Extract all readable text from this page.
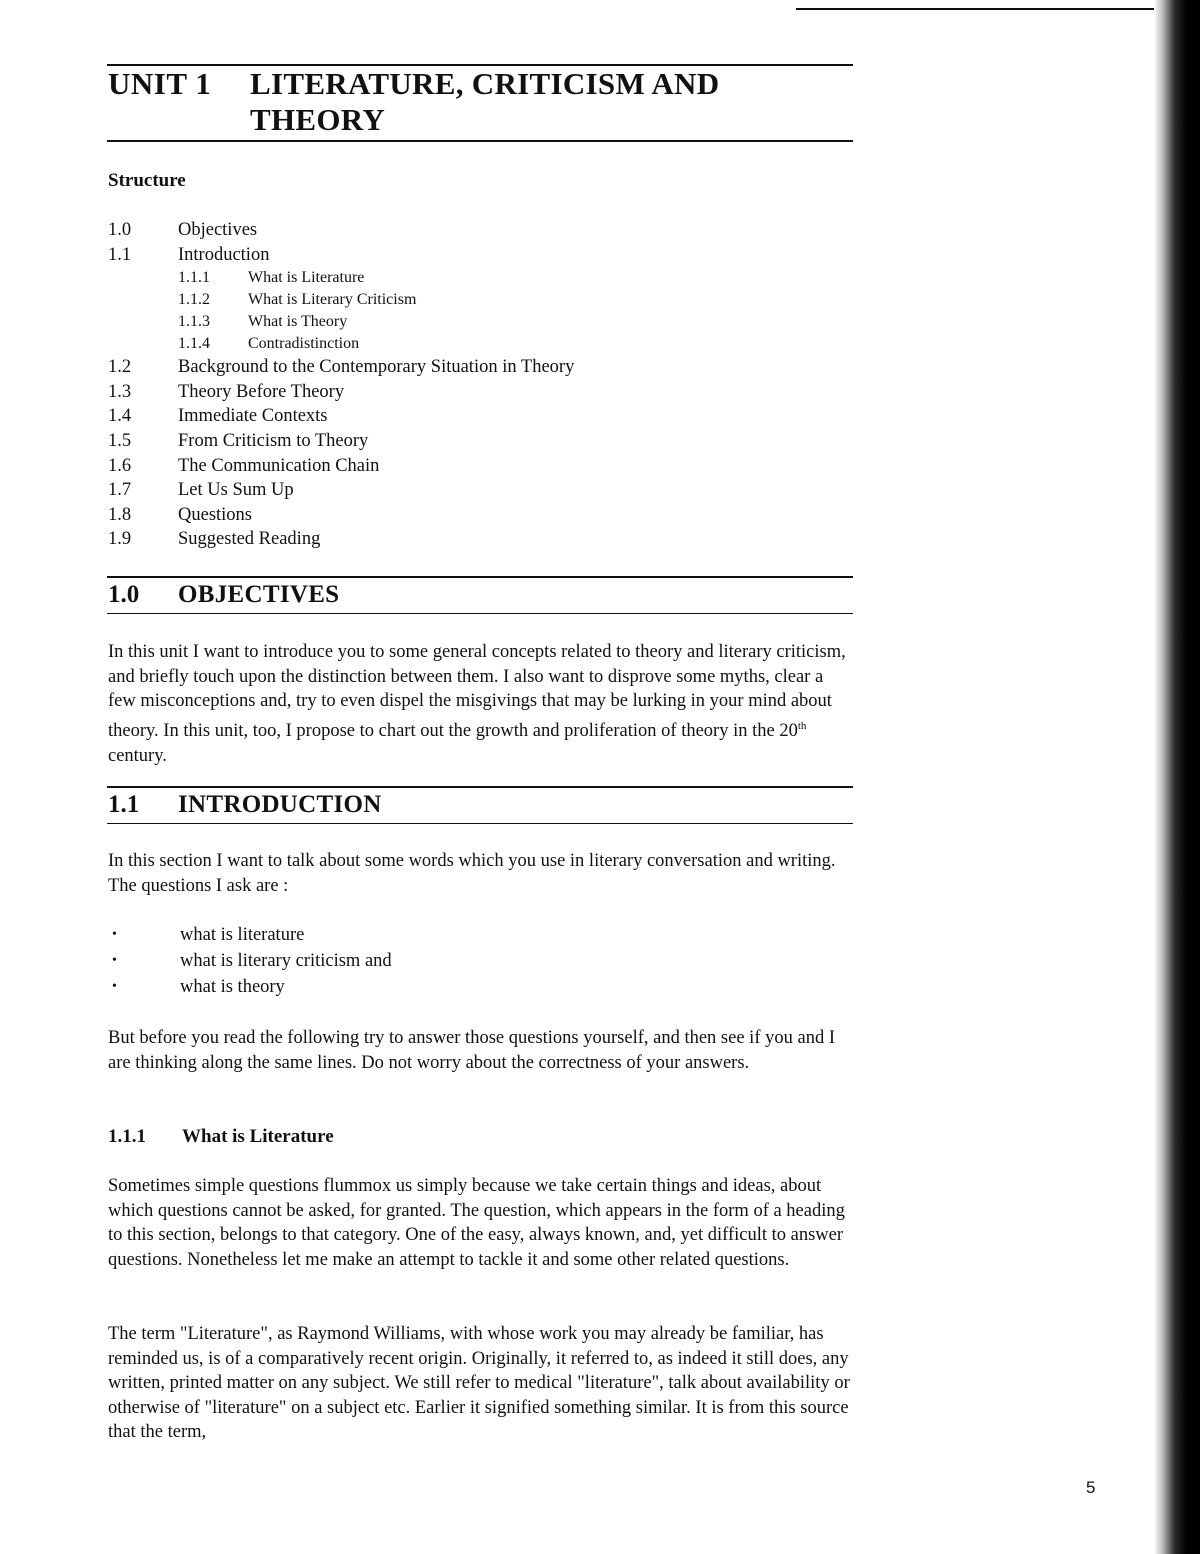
UNIT 1 LITERATURE, CRITICISM AND THEORY
Structure
1.0	Objectives
1.1	Introduction
1.1.1 What is Literature
1.1.2 What is Literary Criticism
1.1.3 What is Theory
1.1.4 Contradistinction
1.2	Background to the Contemporary Situation in Theory
1.3	Theory Before Theory
1.4	Immediate Contexts
1.5	From Criticism to Theory
1.6	The Communication Chain
1.7	Let Us Sum Up
1.8	Questions
1.9	Suggested Reading
1.0 OBJECTIVES

In this unit I want to introduce you to some general concepts related to theory and literary criticism, and briefly touch upon the distinction between them. I also want to disprove some myths, clear a few misconceptions and, try to even dispel the misgivings that may be lurking in your mind about theory. In this unit, too, I propose to chart out the growth and proliferation of theory in the 20th century.

1.1 INTRODUCTION

In this section I want to talk about some words which you use in literary conversation and writing. The questions I ask are :

•	what is literature
•	what is literary criticism and
•	what is theory

But before you read the following try to answer those questions yourself, and then see if you and I are thinking along the same lines. Do not worry about the correctness of your answers.

1.1.1 What is Literature

Sometimes simple questions flummox us simply because we take certain things and ideas, about which questions cannot be asked, for granted. The question, which appears in the form of a heading to this section, belongs to that category. One of the easy, always known, and, yet difficult to answer questions. Nonetheless let me make an attempt to tackle it and some other related questions.

The term "Literature", as Raymond Williams, with whose work you may already be familiar, has reminded us, is of a comparatively recent origin. Originally, it referred to, as indeed it still does, any written, printed matter on any subject. We still refer to medical "literature", talk about availability or otherwise of "literature" on a subject etc. Earlier it signified something similar. It is from this source that the term,

5
